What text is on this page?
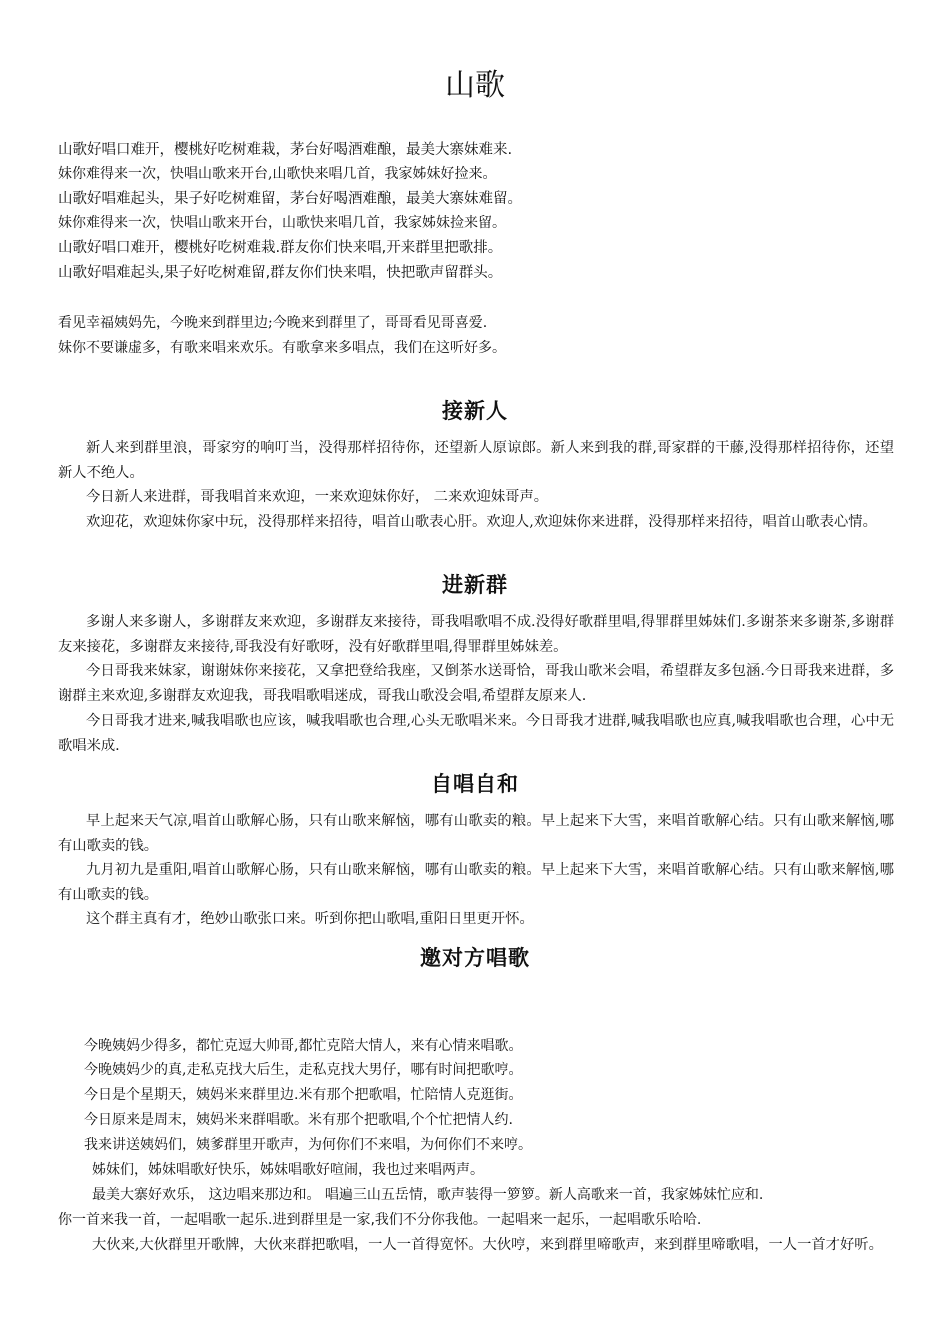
山歌
山歌好唱口难开，樱桃好吃树难栽，茅台好喝酒难酿，最美大寨妹难来.
妹你难得来一次，快唱山歌来开台,山歌快来唱几首，我家姊妹好捡来。
山歌好唱难起头，果子好吃树难留，茅台好喝酒难酿，最美大寨妹难留。
妹你难得来一次，快唱山歌来开台，山歌快来唱几首，我家姊妹捡来留。
山歌好唱口难开，樱桃好吃树难栽.群友你们快来唱,开来群里把歌排。
山歌好唱难起头,果子好吃树难留,群友你们快来唱，快把歌声留群头。
看见幸福姨妈先，今晚来到群里边;今晚来到群里了，哥哥看见哥喜爱.
妹你不要谦虚多，有歌来唱来欢乐。有歌拿来多唱点，我们在这听好多。
接新人

新人来到群里浪，哥家穷的响叮当，没得那样招待你，还望新人原谅郎。新人来到我的群,哥家群的干藤,没得那样招待你，还望新人不绝人。

今日新人来进群，哥我唱首来欢迎，一来欢迎妹你好， 二来欢迎妹哥声。

欢迎花，欢迎妹你家中玩，没得那样来招待，唱首山歌表心肝。欢迎人,欢迎妹你来进群，没得那样来招待，唱首山歌表心情。

进新群

多谢人来多谢人，多谢群友来欢迎，多谢群友来接待，哥我唱歌唱不成.没得好歌群里唱,得罪群里姊妹们.多谢茶来多谢茶,多谢群友来接花，多谢群友来接待,哥我没有好歌呀，没有好歌群里唱,得罪群里姊妹差。

今日哥我来妹家，谢谢妹你来接花，又拿把登给我座，又倒茶水送哥恰，哥我山歌米会唱，希望群友多包涵.今日哥我来进群，多谢群主来欢迎,多谢群友欢迎我，哥我唱歌唱迷成，哥我山歌没会唱,希望群友原来人.

今日哥我才进来,喊我唱歌也应该，喊我唱歌也合理,心头无歌唱米来。今日哥我才进群,喊我唱歌也应真,喊我唱歌也合理，心中无歌唱米成.

自唱自和

早上起来天气凉,唱首山歌解心肠，只有山歌来解恼，哪有山歌卖的粮。早上起来下大雪，来唱首歌解心结。只有山歌来解恼,哪有山歌卖的钱。

九月初九是重阳,唱首山歌解心肠，只有山歌来解恼，哪有山歌卖的粮。早上起来下大雪，来唱首歌解心结。只有山歌来解恼,哪有山歌卖的钱。

这个群主真有才，绝妙山歌张口来。听到你把山歌唱,重阳日里更开怀。

邀对方唱歌
今晚姨妈少得多，都忙克逗大帅哥,都忙克陪大情人，来有心情来唱歌。
今晚姨妈少的真,走私克找大后生，走私克找大男仔，哪有时间把歌哼。
今日是个星期天，姨妈米来群里边.米有那个把歌唱，忙陪情人克逛街。
今日原来是周末，姨妈米来群唱歌。米有那个把歌唱,个个忙把情人约.
我来讲送姨妈们，姨爹群里开歌声，为何你们不来唱，为何你们不来哼。
姊妹们，姊妹唱歌好快乐，姊妹唱歌好喧闹，我也过来唱两声。
最美大寨好欢乐， 这边唱来那边和。 唱遍三山五岳情，歌声装得一箩箩。新人高歌来一首，我家姊妹忙应和.
你一首来我一首，一起唱歌一起乐.进到群里是一家,我们不分你我他。一起唱来一起乐，一起唱歌乐哈哈.

大伙来,大伙群里开歌牌，大伙来群把歌唱，一人一首得宽怀。大伙哼，来到群里啼歌声，来到群里啼歌唱，一人一首才好听。
